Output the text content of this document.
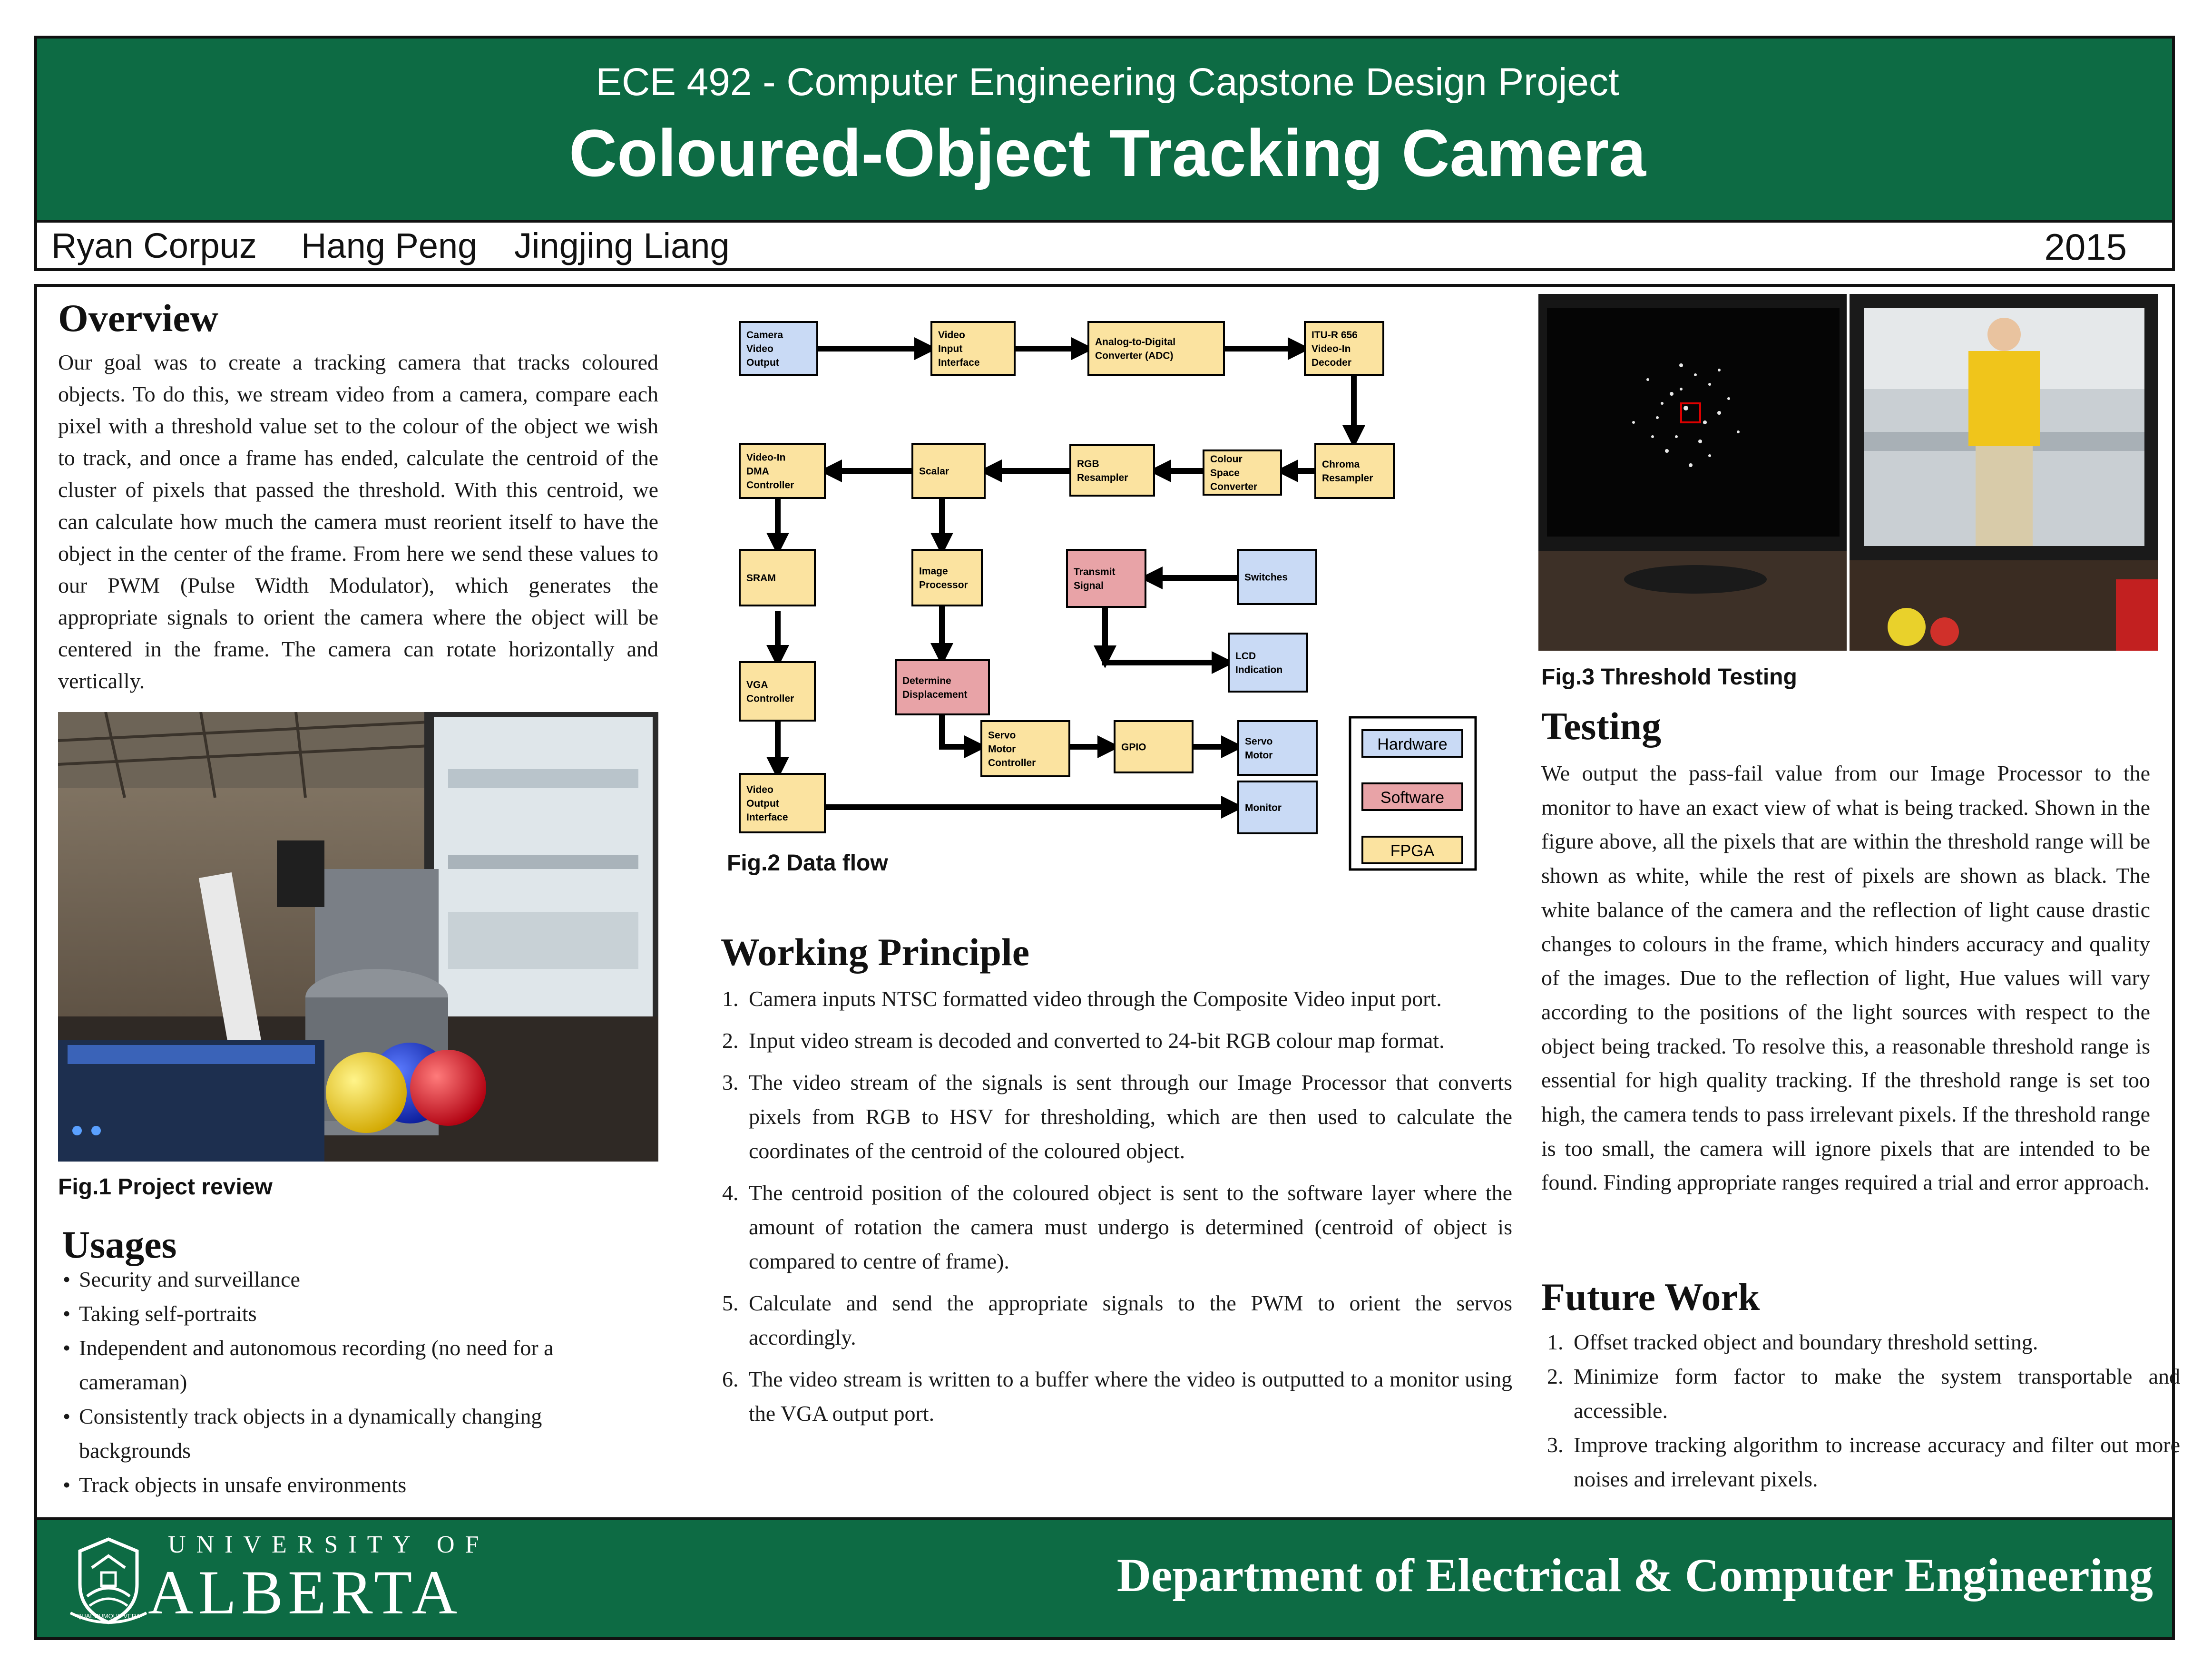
ECE 492 - Computer Engineering Capstone Design Project
Coloured-Object Tracking Camera
Ryan Corpuz Hang Peng Jingjing Liang	2015
Overview
Our goal was to create a tracking camera that tracks coloured objects. To do this, we stream video from a camera, compare each pixel with a threshold value set to the colour of the object we wish to track, and once a frame has ended, calculate the centroid of the cluster of pixels that passed the threshold. With this centroid, we can calculate how much the camera must reorient itself to have the object in the center of the frame. From here we send these values to our PWM (Pulse Width Modulator), which generates the appropriate signals to orient the camera where the object will be centered in the frame. The camera can rotate horizontally and vertically.
Fig.1 Project review
Usages
• Security and surveillance
• Taking self-portraits
• Independent and autonomous recording (no need for a cameraman)
• Consistently track objects in a dynamically changing backgrounds
• Track objects in unsafe environments
Camera
Video
Output
Video
Input
Interface
Analog-to-Digital
Converter (ADC)
ITU-R 656
Video-In
Decoder
Video-In
DMA
Controller
Scalar
RGB
Resampler
Colour
Space
Converter
Chroma
Resampler
SRAM
Image
Processor
Transmit
Signal
Switches
LCD
Indication
VGA
Controller
Determine
Displacement
Servo
Motor
Controller
GPIO
Servo
Motor
Video
Output
Interface
Monitor
Hardware
Software
FPGA
Fig.2 Data flow
Working Principle
1. Camera inputs NTSC formatted video through the Composite Video input port.
2. Input video stream is decoded and converted to 24-bit RGB colour map format.
3. The video stream of the signals is sent through our Image Processor that converts pixels from RGB to HSV for thresholding, which are then used to calculate the coordinates of the centroid of the coloured object.
4. The centroid position of the coloured object is sent to the software layer where the amount of rotation the camera must undergo is determined (centroid of object is compared to centre of frame).
5. Calculate and send the appropriate signals to the PWM to orient the servos accordingly.
6. The video stream is written to a buffer where the video is outputted to a monitor using the VGA output port.
Fig.3 Threshold Testing
Testing
We output the pass-fail value from our Image Processor to the monitor to have an exact view of what is being tracked. Shown in the figure above, all the pixels that are within the threshold range will be shown as white, while the rest of pixels are shown as black. The white balance of the camera and the reflection of light cause drastic changes to colours in the frame, which hinders accuracy and quality of the images. Due to the reflection of light, Hue values will vary according to the positions of the light sources with respect to the object being tracked. To resolve this, a reasonable threshold range is essential for high quality tracking. If the threshold range is set too high, the camera tends to pass irrelevant pixels. If the threshold range is too small, the camera will ignore pixels that are intended to be found. Finding appropriate ranges required a trial and error approach.
Future Work
1. Offset tracked object and boundary threshold setting.
2. Minimize form factor to make the system transportable and accessible.
3. Improve tracking algorithm to increase accuracy and filter out more noises and irrelevant pixels.
QUAECUMQUE VERA
UNIVERSITY OF
ALBERTA	Department of Electrical & Computer Engineering
